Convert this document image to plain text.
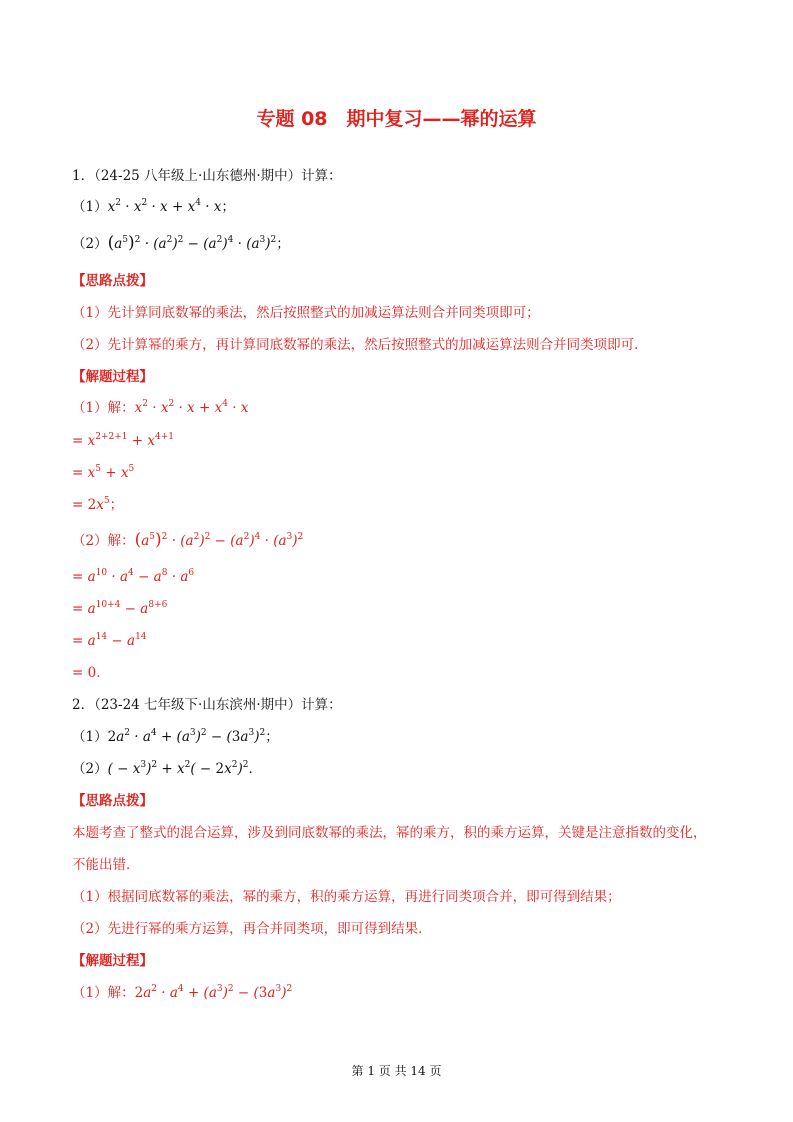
专题 08　期中复习——幂的运算
1．（24-25 八年级上·山东德州·期中）计算：
$(1)x^2 \cdot x^2 \cdot x + x^4 \cdot x$；
$(2)(a^5)^2 \cdot (a^2)^2 - (a^2)^4 \cdot (a^3)^2$；
【思路点拨】
（1）先计算同底数幂的乘法，然后按照整式的加减运算法则合并同类项即可；
（2）先计算幂的乘方，再计算同底数幂的乘法，然后按照整式的加减运算法则合并同类项即可．
【解题过程】
（1）解：$x^2 \cdot x^2 \cdot x + x^4 \cdot x$
= $x^{2+2+1} + x^{4+1}$
= $x^5 + x^5$
= $2x^5$；
（2）解：$(a^5)^2 \cdot (a^2)^2 - (a^2)^4 \cdot (a^3)^2$
= $a^{10} \cdot a^4 - a^8 \cdot a^6$
= $a^{10+4} - a^{8+6}$
= $a^{14} - a^{14}$
= 0．
2．（23-24 七年级下·山东滨州·期中）计算：
$(1)2a^2 \cdot a^4 + (a^3)^2 - (3a^3)^2$；
$(2)( - x^3)^2 + x^2( - 2x^2)^2$．
【思路点拨】
本题考查了整式的混合运算，涉及到同底数幂的乘法，幂的乘方，积的乘方运算，关键是注意指数的变化，
不能出错．
（1）根据同底数幂的乘法，幂的乘方，积的乘方运算，再进行同类项合并，即可得到结果；
（2）先进行幂的乘方运算，再合并同类项，即可得到结果．
【解题过程】
（1）解：$2a^2 \cdot a^4 + (a^3)^2 - (3a^3)^2$
第 1 页 共 14 页
